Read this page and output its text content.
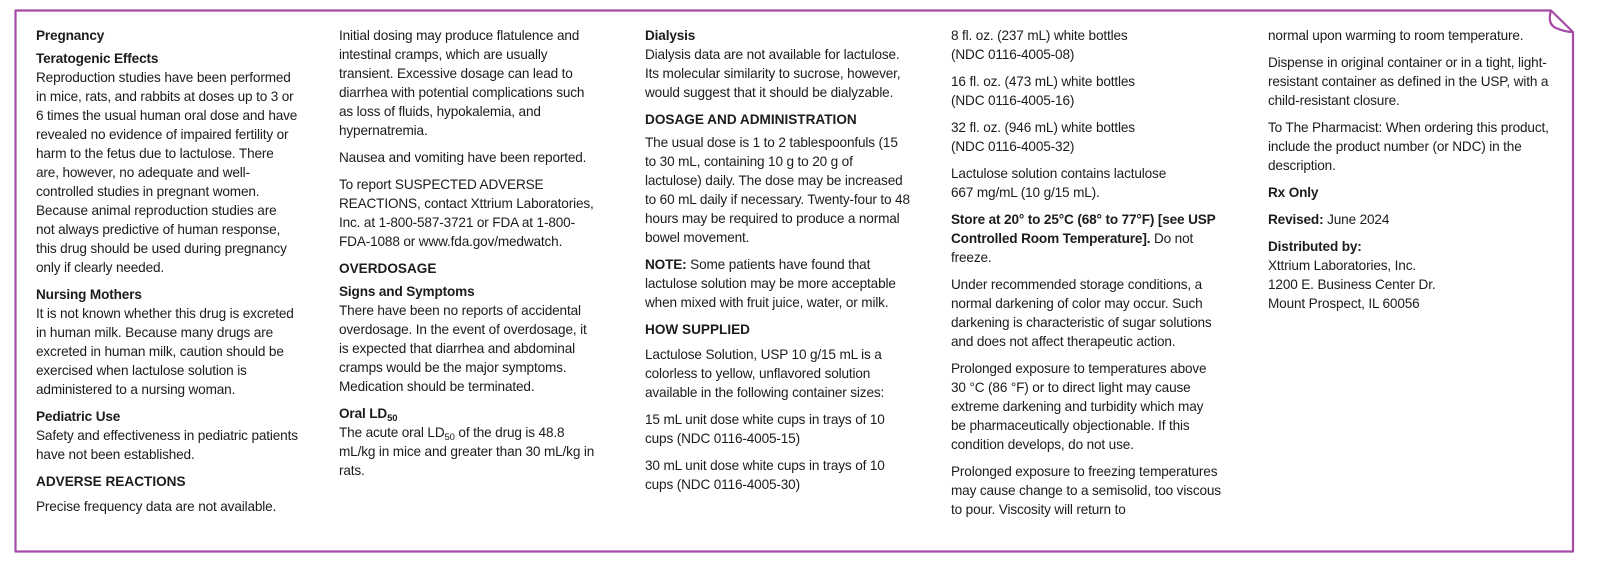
Pregnancy
Teratogenic Effects

Reproduction studies have been performed in mice, rats, and rabbits at doses up to 3 or 6 times the usual human oral dose and have revealed no evidence of impaired fertility or harm to the fetus due to lactulose. There are, however, no adequate and well-controlled studies in pregnant women. Because animal reproduction studies are not always predictive of human response, this drug should be used during pregnancy only if clearly needed.

Nursing Mothers

It is not known whether this drug is excreted in human milk. Because many drugs are excreted in human milk, caution should be exercised when lactulose solution is administered to a nursing woman.

Pediatric Use

Safety and effectiveness in pediatric patients have not been established.

ADVERSE REACTIONS

Precise frequency data are not available.

Initial dosing may produce flatulence and intestinal cramps, which are usually transient. Excessive dosage can lead to diarrhea with potential complications such as loss of fluids, hypokalemia, and hypernatremia.

Nausea and vomiting have been reported.

To report SUSPECTED ADVERSE REACTIONS, contact Xttrium Laboratories, Inc. at 1-800-587-3721 or FDA at 1-800-FDA-1088 or www.fda.gov/medwatch.

OVERDOSAGE
Signs and Symptoms

There have been no reports of accidental overdosage. In the event of overdosage, it is expected that diarrhea and abdominal cramps would be the major symptoms. Medication should be terminated.

Oral $LD_{50}$

The acute oral $LD_{50}$ of the drug is 48.8 mL/kg in mice and greater than 30 mL/kg in rats.

Dialysis

Dialysis data are not available for lactulose. Its molecular similarity to sucrose, however, would suggest that it should be dialyzable.

DOSAGE AND ADMINISTRATION

The usual dose is 1 to 2 tablespoonfuls (15 to 30 mL, containing 10 g to 20 g of lactulose) daily. The dose may be increased to 60 mL daily if necessary. Twenty-four to 48 hours may be required to produce a normal bowel movement.

NOTE: Some patients have found that lactulose solution may be more acceptable when mixed with fruit juice, water, or milk.

HOW SUPPLIED

Lactulose Solution, USP 10 g/15 mL is a colorless to yellow, unflavored solution available in the following container sizes:

15 mL unit dose white cups in trays of 10 cups (NDC 0116-4005-15)

30 mL unit dose white cups in trays of 10 cups (NDC 0116-4005-30)

8 fl. oz. (237 mL) white bottles
(NDC 0116-4005-08)

16 fl. oz. (473 mL) white bottles
(NDC 0116-4005-16)

32 fl. oz. (946 mL) white bottles
(NDC 0116-4005-32)

Lactulose solution contains lactulose
667 mg/mL (10 g/15 mL).

Store at 20° to 25°C (68° to 77°F) [see USP Controlled Room Temperature]. Do not freeze.

Under recommended storage conditions, a normal darkening of color may occur. Such darkening is characteristic of sugar solutions and does not affect therapeutic action.

Prolonged exposure to temperatures above 30 °C (86 °F) or to direct light may cause extreme darkening and turbidity which may be pharmaceutically objectionable. If this condition develops, do not use.

Prolonged exposure to freezing temperatures may cause change to a semisolid, too viscous to pour. Viscosity will return to

normal upon warming to room temperature.

Dispense in original container or in a tight, light-resistant container as defined in the USP, with a child-resistant closure.

To The Pharmacist: When ordering this product, include the product number (or NDC) in the description.

Rx Only

Revised: June 2024

Distributed by:
Xttrium Laboratories, Inc.
1200 E. Business Center Dr.
Mount Prospect, IL 60056
